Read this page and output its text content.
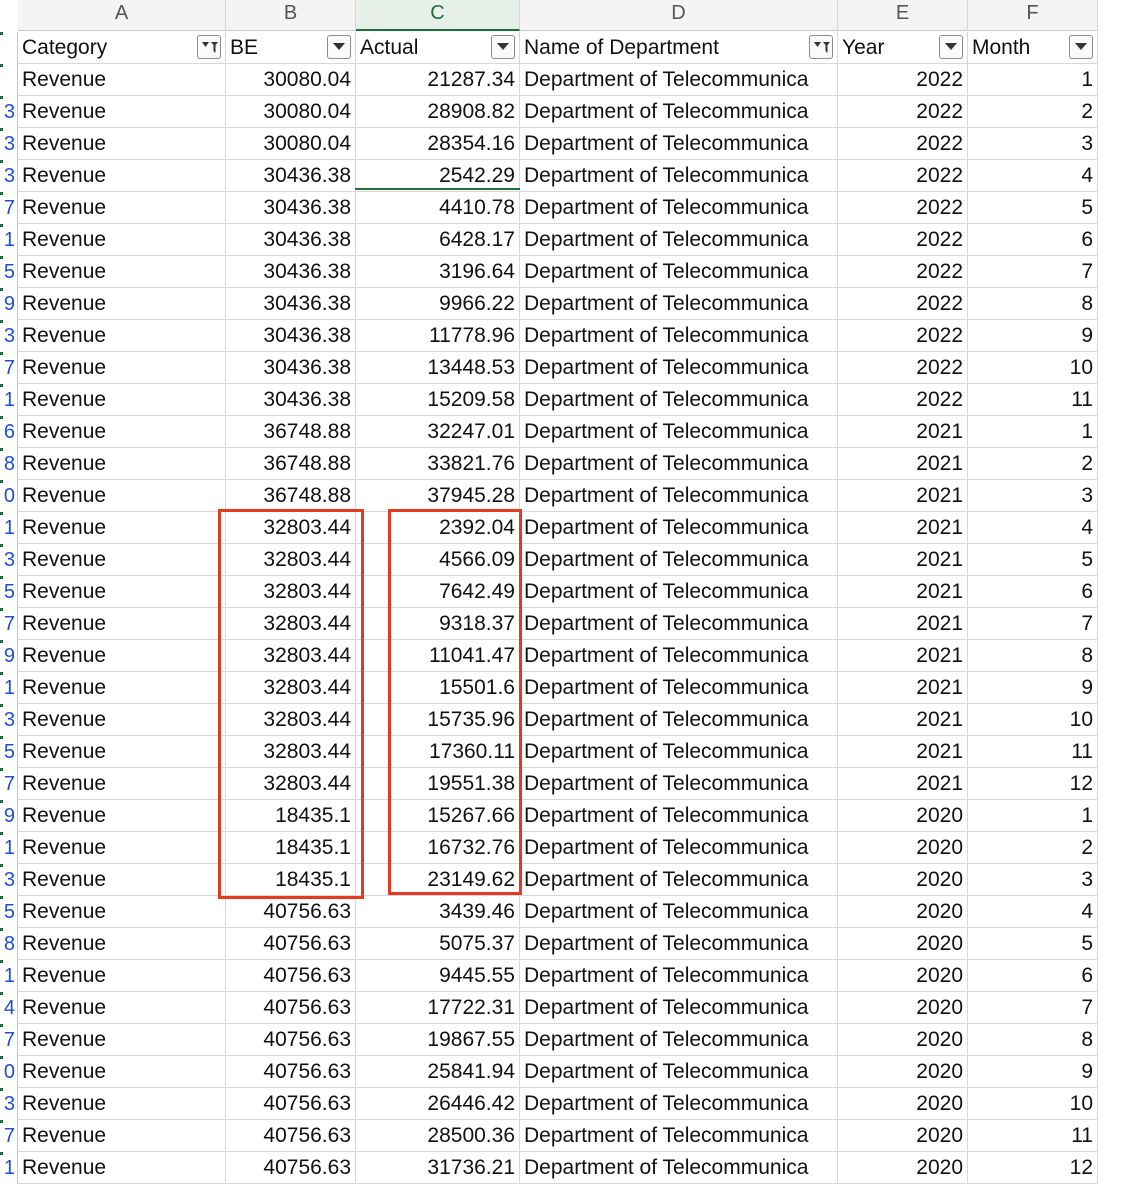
A	B	C	D	E	F
Category	BE	Actual	Name of Department	Year	Month
Revenue	30080.04	21287.34 Department of Telecommunica	2022	1
3 Revenue	30080.04	28908.82 Department of Telecommunica	2022	2
3 Revenue	30080.04	28354.16 Department of Telecommunica	2022	3
3 Revenue	30436.38	2542.29 Department of Telecommunica	2022	4
7 Revenue	30436.38	4410.78 Department of Telecommunica	2022	5
1 Revenue	30436.38	6428.17 Department of Telecommunica	2022	6
5 Revenue	30436.38	3196.64 Department of Telecommunica	2022	7
9 Revenue	30436.38	9966.22 Department of Telecommunica	2022	8
3 Revenue	30436.38	11778.96 Department of Telecommunica	2022	9
7 Revenue	30436.38	13448.53 Department of Telecommunica	2022	10
1 Revenue	30436.38	15209.58 Department of Telecommunica	2022	11
6 Revenue	36748.88	32247.01 Department of Telecommunica	2021	1
8 Revenue	36748.88	33821.76 Department of Telecommunica	2021	2
0 Revenue	36748.88	37945.28 Department of Telecommunica	2021	3
1 Revenue	32803.44	2392.04 Department of Telecommunica	2021	4
3 Revenue	32803.44	4566.09 Department of Telecommunica	2021	5
5 Revenue	32803.44	7642.49 Department of Telecommunica	2021	6
7 Revenue	32803.44	9318.37 Department of Telecommunica	2021	7
9 Revenue	32803.44	11041.47 Department of Telecommunica	2021	8
1 Revenue	32803.44	15501.6 Department of Telecommunica	2021	9
3 Revenue	32803.44	15735.96 Department of Telecommunica	2021	10
5 Revenue	32803.44	17360.11 Department of Telecommunica	2021	11
7 Revenue	32803.44	19551.38 Department of Telecommunica	2021	12
9 Revenue	18435.1	15267.66 Department of Telecommunica	2020	1
1 Revenue	18435.1	16732.76 Department of Telecommunica	2020	2
3 Revenue	18435.1	23149.62 Department of Telecommunica	2020	3
5 Revenue	40756.63	3439.46 Department of Telecommunica	2020	4
8 Revenue	40756.63	5075.37 Department of Telecommunica	2020	5
1 Revenue	40756.63	9445.55 Department of Telecommunica	2020	6
4 Revenue	40756.63	17722.31 Department of Telecommunica	2020	7
7 Revenue	40756.63	19867.55 Department of Telecommunica	2020	8
0 Revenue	40756.63	25841.94 Department of Telecommunica	2020	9
3 Revenue	40756.63	26446.42 Department of Telecommunica	2020	10
7 Revenue	40756.63	28500.36 Department of Telecommunica	2020	11
1 Revenue	40756.63	31736.21 Department of Telecommunica	2020	12
